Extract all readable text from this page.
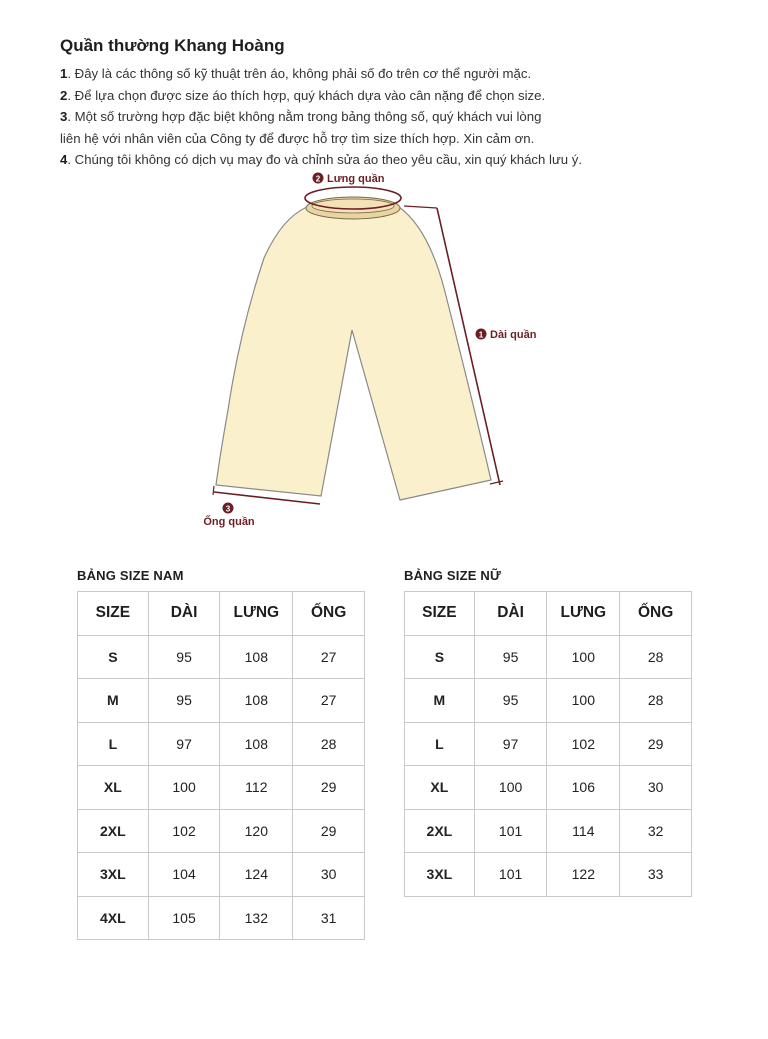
Quần thường Khang Hoàng
1. Đây là các thông số kỹ thuật trên áo, không phải số đo trên cơ thể người mặc.
2. Để lựa chọn được size áo thích hợp, quý khách dựa vào cân nặng để chọn size.
3. Một số trường hợp đặc biệt không nằm trong bảng thông số, quý khách vui lòng
liên hệ với nhân viên của Công ty để được hỗ trợ tìm size thích hợp. Xin cảm ơn.
4. Chúng tôi không có dịch vụ may đo và chỉnh sửa áo theo yêu cầu, xin quý khách lưu ý.
2 Lưng quần
1 Dài quần
3
Ống quần
BẢNG SIZE NAM
SIZE	DÀI	LƯNG	ỐNG
S	95	108	27
M	95	108	27
L	97	108	28
XL	100	112	29
2XL	102	120	29
3XL	104	124	30
4XL	105	132	31
BẢNG SIZE NỮ
SIZE	DÀI	LƯNG	ỐNG
S	95	100	28
M	95	100	28
L	97	102	29
XL	100	106	30
2XL	101	114	32
3XL	101	122	33
